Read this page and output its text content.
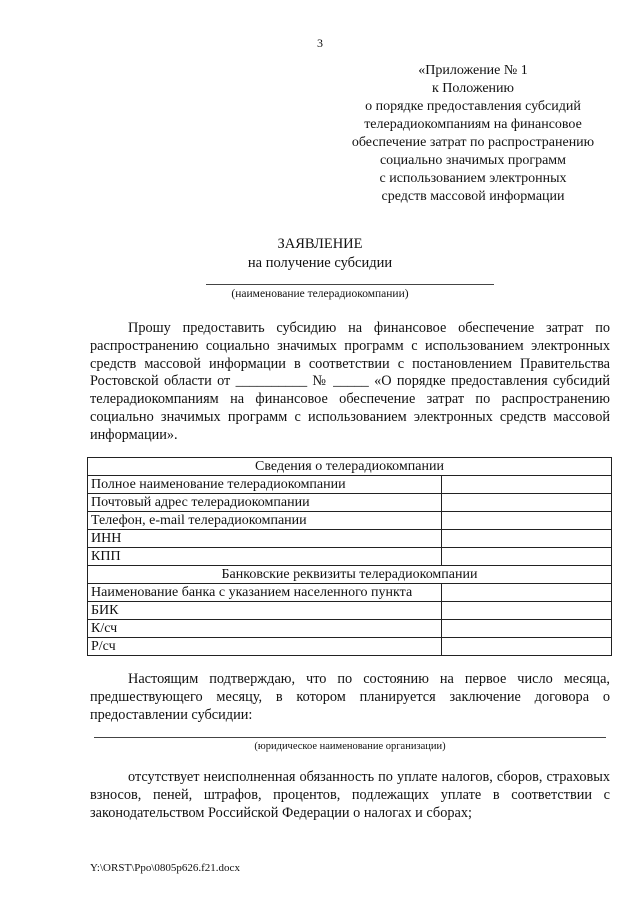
3
«Приложение № 1
к Положению
о порядке предоставления субсидий
телерадиокомпаниям на финансовое
обеспечение затрат по распространению
социально значимых программ
с использованием электронных
средств массовой информации
ЗАЯВЛЕНИЕ
на получение субсидии
(наименование телерадиокомпании)

Прошу предоставить субсидию на финансовое обеспечение затрат по распространению социально значимых программ с использованием электронных средств массовой информации в соответствии с постановлением Правительства Ростовской области от __________ № _____ «О порядке предоставления субсидий телерадиокомпаниям на финансовое обеспечение затрат по распространению социально значимых программ с использованием электронных средств массовой информации».

Сведения о телерадиокомпании	
Полное наименование телерадиокомпании	
Почтовый адрес телерадиокомпании	
Телефон, e-mail телерадиокомпании	
ИНН	
КПП	
Банковские реквизиты телерадиокомпании	
Наименование банка с указанием населенного пункта	
БИК	
К/сч	
Р/сч	

Настоящим подтверждаю, что по состоянию на первое число месяца, предшествующего месяцу, в котором планируется заключение договора о предоставлении субсидии:

(юридическое наименование организации)

отсутствует неисполненная обязанность по уплате налогов, сборов, страховых взносов, пеней, штрафов, процентов, подлежащих уплате в соответствии с законодательством Российской Федерации о налогах и сборах;

Y:\ORST\Ppo\0805p626.f21.docx
